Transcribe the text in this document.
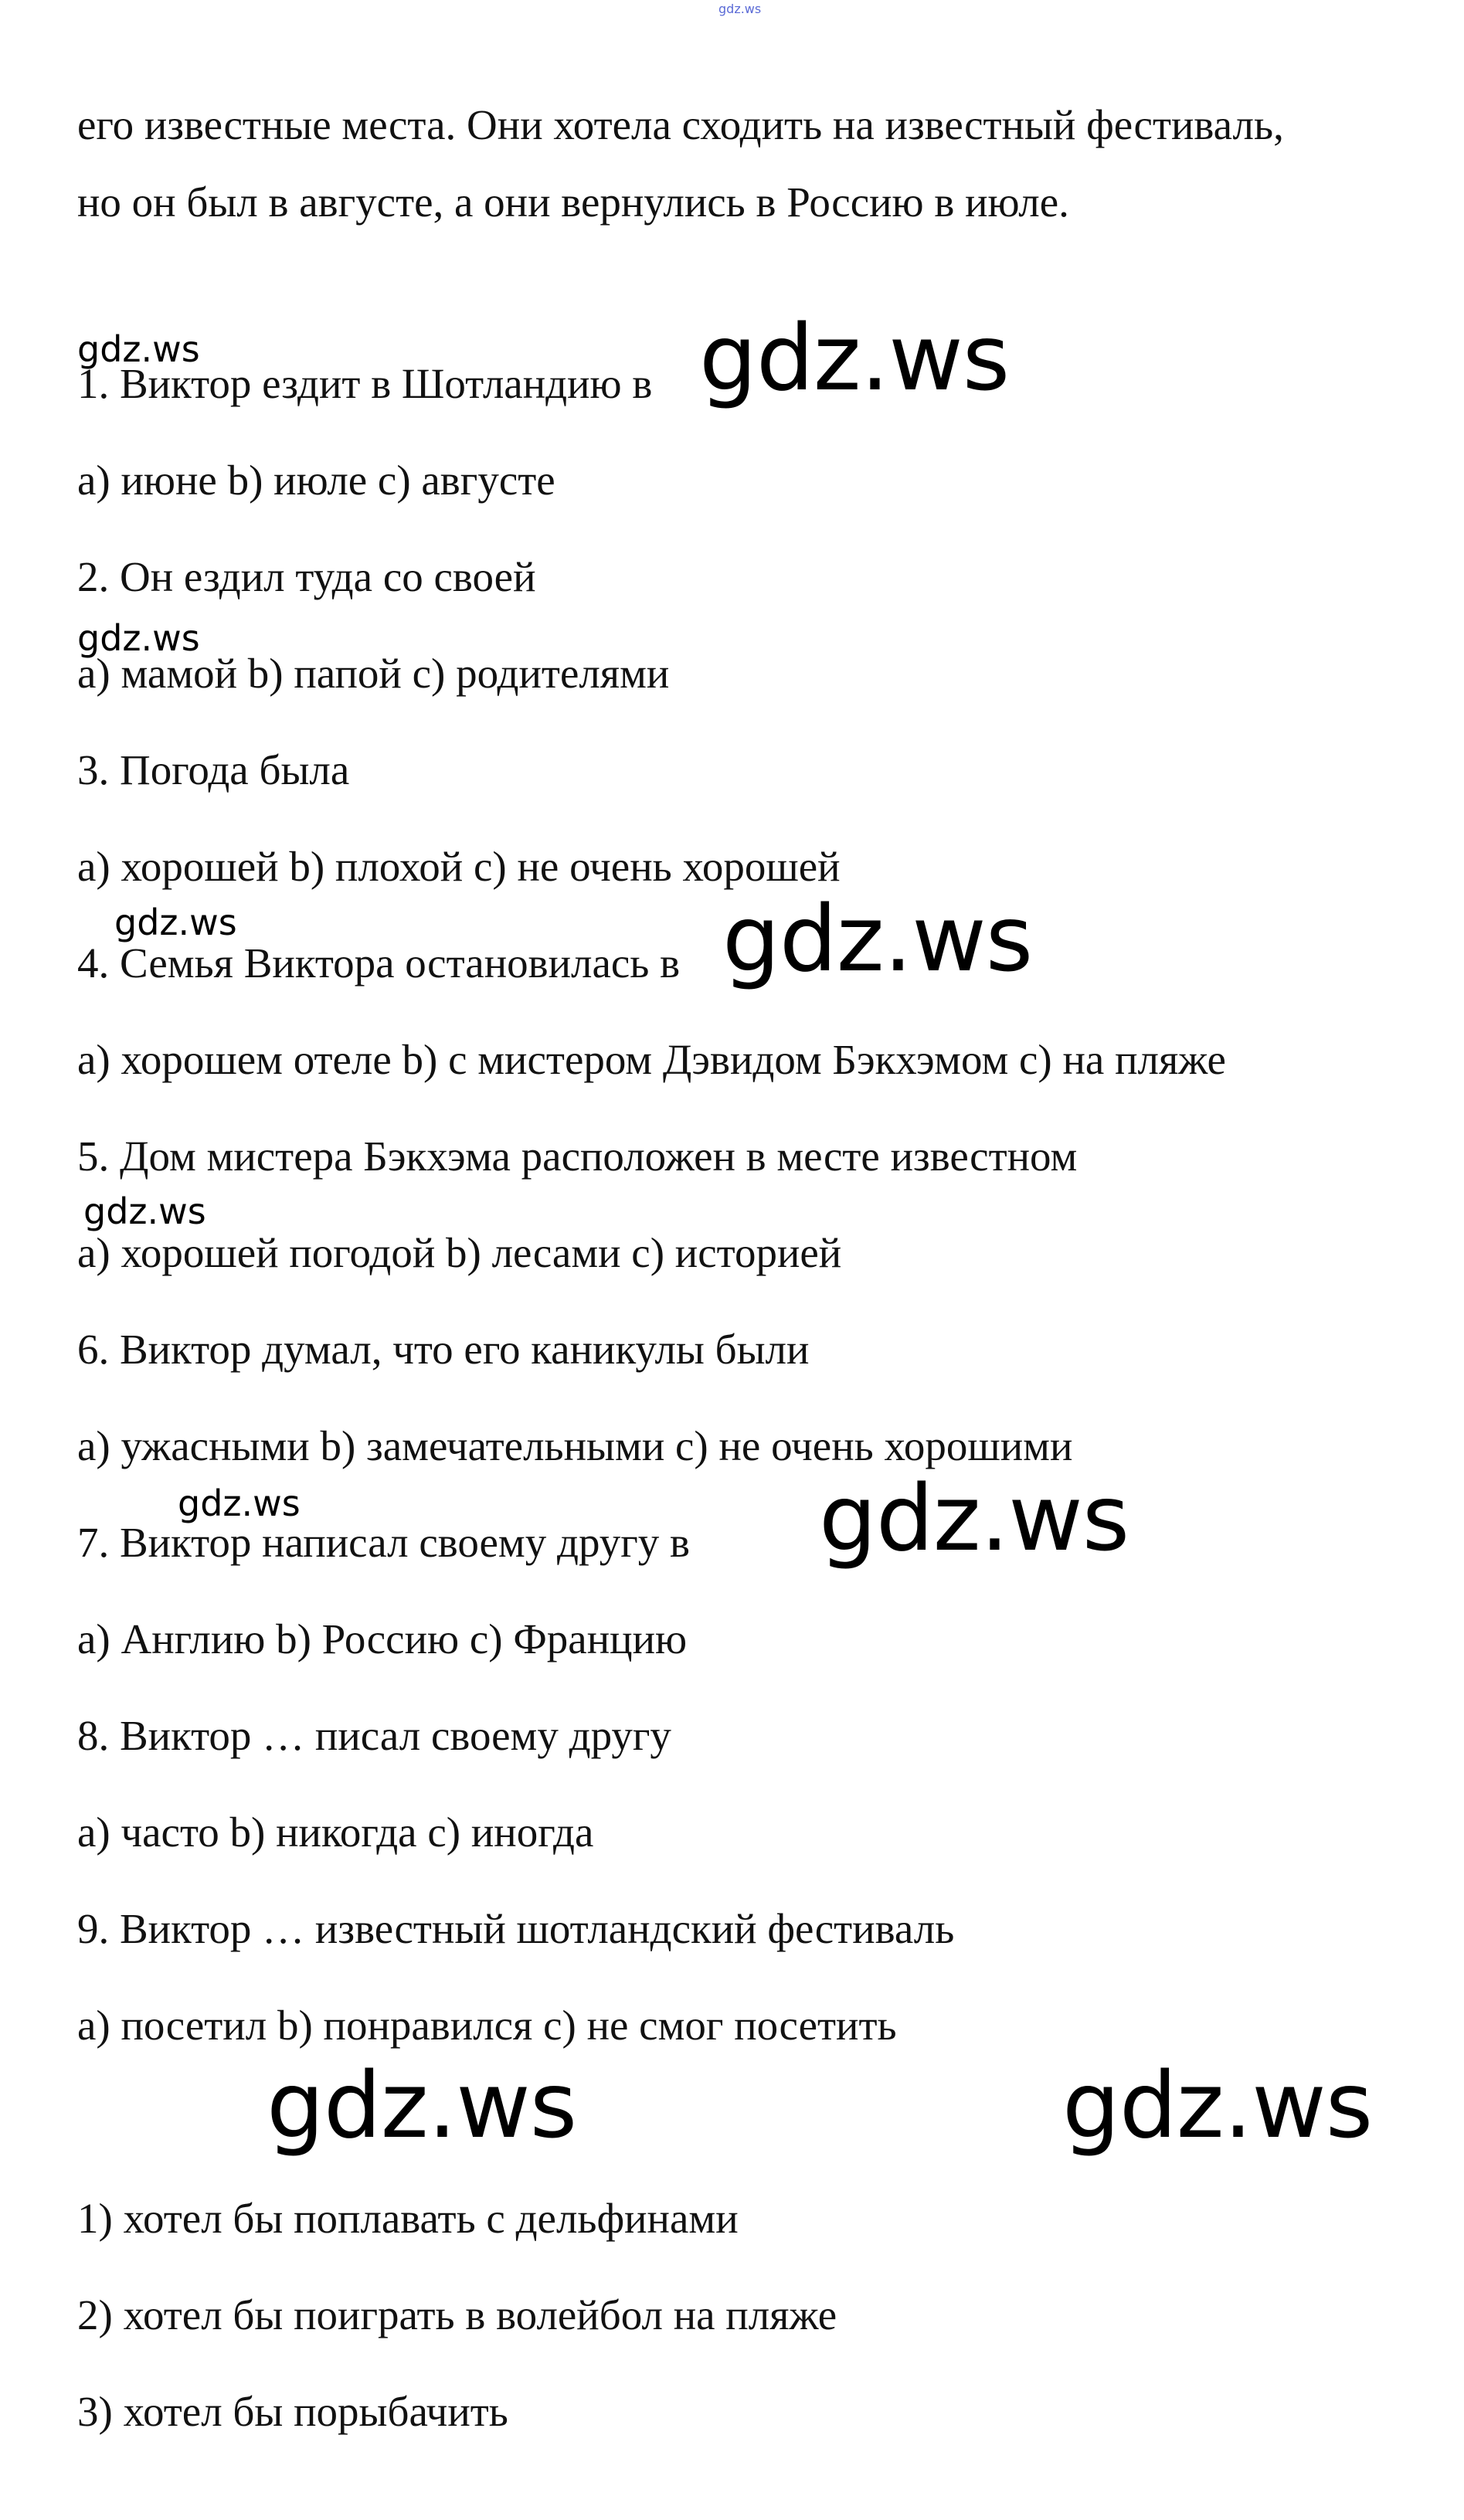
gdz.ws
его известные места. Они хотела сходить на известный фестиваль,
но он был в августе, а они вернулись в Россию в июле.
1. Виктор ездит в Шотландию в
a) июне b) июле c) августе
2. Он ездил туда со своей
a) мамой b) папой c) родителями
3. Погода была
a) хорошей b) плохой c) не очень хорошей
4. Семья Виктора остановилась в
a) хорошем отеле b) с мистером Дэвидом Бэкхэмом c) на пляже
5. Дом мистера Бэкхэма расположен в месте известном
a) хорошей погодой b) лесами c) историей
6. Виктор думал, что его каникулы были
a) ужасными b) замечательными c) не очень хорошими
7. Виктор написал своему другу в
a) Англию b) Россию c) Францию
8. Виктор … писал своему другу
a) часто b) никогда c) иногда
9. Виктор … известный шотландский фестиваль
a) посетил b) понравился c) не смог посетить
1) хотел бы поплавать с дельфинами
2) хотел бы поиграть в волейбол на пляже
3) хотел бы порыбачить
gdz.ws
gdz.ws
gdz.ws
gdz.ws
gdz.ws
gdz.ws
gdz.ws
gdz.ws
gdz.ws	gdz.ws
